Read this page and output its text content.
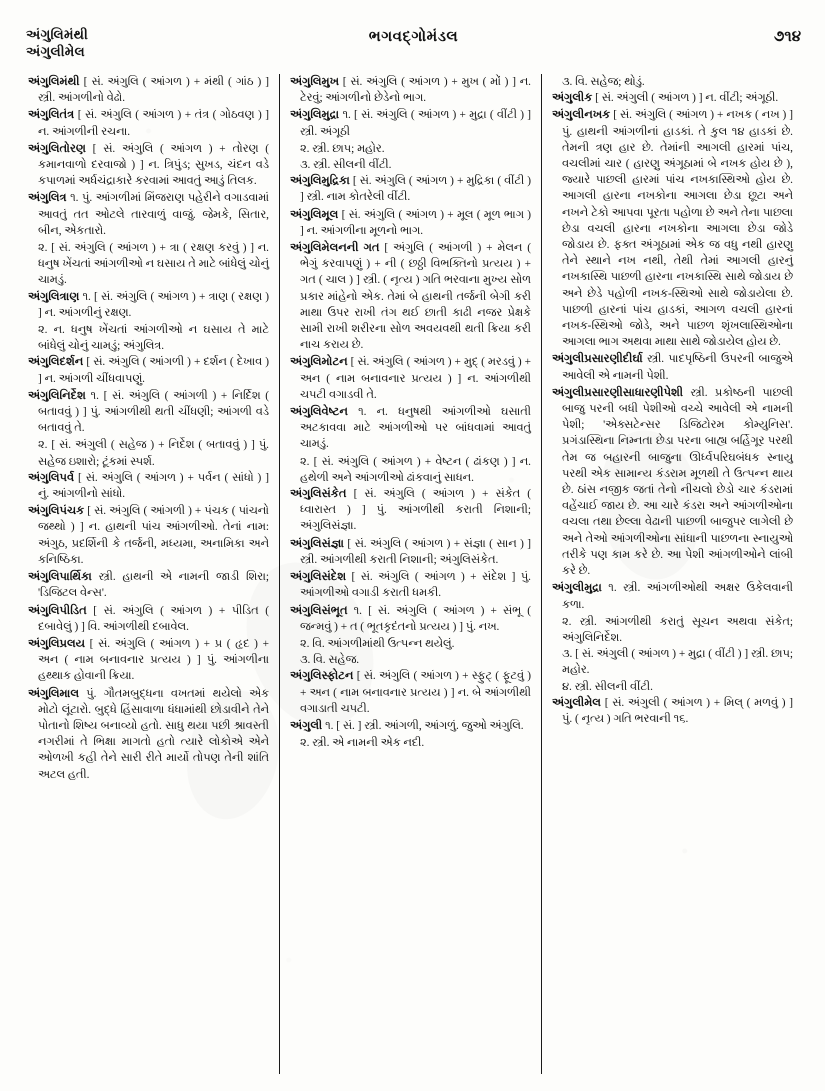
અંગુલિમંથી
અંગુલીમેલ
ભગવદ્ગોમંડલ	૭૧૪

અંગુલિમંથી [ સં. અંગુલિ ( આંગળ ) + મંથી ( ગાંઠ ) ] સ્ત્રી. આંગળીનો વેઢો.

અંગુલિતંત્ર [ સં. અંગુલિ ( આંગળ ) + તંત્ર ( ગોઠવણ ) ] ન. આંગળીની રચના.

અંગુલિતોરણ [ સં. અંગુલિ ( આંગળ ) + તોરણ ( કમાનવાળો દરવાજો ) ] ન. ત્રિપુંડ; સુખડ, ચંદન વડે કપાળમાં અર્ધચંદ્રાકારે કરવામાં આવતું આડું તિલક.

અંગુલિત્ર ૧. પું. આંગળીમાં મિંજરાણ પહેરીને વગાડવામાં આવતું તત ઓટલે તારવાળું વાજું. જેમકે, સિતાર, બીન, એકતારો.

૨. [ સં. અંગુલિ ( આંગળ ) + ત્રા ( રક્ષણ કરવું ) ] ન. ધનુષ ખેંચતાં આંગળીઓ ન ઘસાય તે માટે બાંધેલું ચોનું ચામડું.

અંગુલિત્રાણ ૧. [ સં. અંગુલિ ( આંગળ ) + ત્રાણ ( રક્ષણ ) ] ન. આંગળીનું રક્ષણ.

૨. ન. ધનુષ ખેંચતાં આંગળીઓ ન ઘસાય તે માટે બાંધેલું ચોનું ચામડું; અંગુલિત્ર.

અંગુલિદર્શન [ સં. અંગુલિ ( આંગળી ) + દર્શન ( દેખાવ ) ] ન. આંગળી ચીંધવાપણું.

અંગુલિનિર્દેશ ૧. [ સં. અંગુલિ ( આંગળી ) + નિર્દિશ ( બતાવવું ) ] પું. આંગળીથી થતી ચીંધણી; આંગળી વડે બતાવવું તે.

૨. [ સં. અંગુલી ( સહેજ ) + નિર્દેશ ( બતાવવું ) ] પું. સહેજ ઇશારો; ટૂંકમાં સ્પર્શ.

અંગુલિપર્વ [ સં. અંગુલિ ( આંગળ ) + પર્વન ( સાંધો ) ] નું. આંગળીનો સાંધો.

અંગુલિપંચક [ સં. અંગુલિ ( આંગળી ) + પંચક ( પાંચનો જથ્થો ) ] ન. હાથની પાંચ આંગળીઓ. તેનાં નામ: અંગુઠ, પ્રદર્શિની કે તર્જની, મધ્યમા, અનામિકા અને કનિષ્ઠિકા.

અંગુલિપાર્થિકા સ્ત્રી. હાથની એ નામની જાડી શિરા; 'ડિજિટલ વેન્સ'.

અંગુલિપીડિત [ સં. અંગુલિ ( આંગળ ) + પીડિત ( દબાવેલું ) ] વિ. આંગળીથી દબાવેલ.

અંગુલિપ્રલય [ સં. અંગુલિ ( આંગળ ) + પ્ર ( હૃદ ) + અન ( નામ બનાવનાર પ્રત્યય ) ] પું. આંગળીના હથ્થાક હોવાની ક્રિયા.

અંગુલિમાલ પું. ગૌતમબુદ્ધના વખતમાં થયેલો એક મોટો લૂંટારો. બુદ્ધે હિંસાવાળા ધંધામાંથી છોડાવીને તેને પોતાનો શિષ્ય બનાવ્યો હતો. સાધુ થયા પછી શ્રાવસ્તી નગરીમાં તે ભિક્ષા માગતો હતો ત્યારે લોકોએ એને ઓળખી કહી તેને સારી રીતે માર્યો તોપણ તેની શાંતિ અટલ હતી.

અંગુલિમુખ [ સં. અંગુલિ ( આંગળ ) + મુખ ( મોં ) ] ન. ટેરવું; આંગળીનો છેડેનો ભાગ.

અંગુલિમુદ્રા ૧. [ સં. અંગુલિ ( આંગળ ) + મુદ્રા ( વીંટી ) ] સ્ત્રી. અંગૂઠી

૨. સ્ત્રી. છાપ; મહોર.

૩. સ્ત્રી. સીલની વીંટી.

અંગુલિમુદ્રિકા [ સં. અંગુલિ ( આંગળ ) + મુદ્રિકા ( વીંટી ) ] સ્ત્રી. નામ કોતરેલી વીંટી.

અંગુલિમૂલ [ સં. અંગુલિ ( આંગળ ) + મૂલ ( મૂળ ભાગ ) ] ન. આંગળીના મૂળનો ભાગ.

અંગુલિમેલનની ગત [ અંગુલિ ( આંગળી ) + મેલન ( ભેગું કરવાપણું ) + ની ( છઠ્ઠી વિભક્તિનો પ્રત્યય ) + ગત ( ચાલ ) ] સ્ત્રી. ( નૃત્ય ) ગતિ ભરવાના મુખ્ય સોળ પ્રકાર માંહેનો એક. તેમાં બે હાથની તર્જની બેગી કરી માથા ઉપર રાખી તંગ થઈ છાતી કાઢી નજર પ્રેક્ષકે સામી રાખી શરીરના સોળ અવયવથી થતી ક્રિયા કરી નાચ કરાય છે.

અંગુલિમોટન [ સં. અંગુલિ ( આંગળ ) + મુદ્ ( મરડવું ) + અન ( નામ બનાવનાર પ્રત્યય ) ] ન. આંગળીથી ચપટી વગાડવી તે.

અંગુલિવેષ્ટન ૧. ન. ધનુષથી આંગળીઓ ઘસાતી અટકાવવા માટે આંગળીઓ પર બાંધવામાં આવતું ચામડું.

૨. [ સં. અંગુલિ ( આંગળ ) + વેષ્ટન ( ઢાંકણ ) ] ન. હથેળી અને આંગળીઓ ઢાંકવાનું સાધન.

અંગુલિસંકેત [ સં. અંગુલિ ( આંગળ ) + સંકેત ( ધ્વારાસ્ત ) ] પું. આંગળીથી કરાતી નિશાની; અંગુલિસંજ્ઞા.

અંગુલિસંજ્ઞા [ સં. અંગુલિ ( આંગળ ) + સંજ્ઞા ( સાન ) ] સ્ત્રી. આંગળીથી કરાતી નિશાની; અંગુલિસંકેત.

અંગુલિસંદેશ [ સં. અંગુલિ ( આંગળ ) + સંદેશ ] પું. આંગળીઓ વગાડી કરાતી ધમકી.

અંગુલિસંભૂત ૧. [ સં. અંગુલિ ( આંગળ ) + સંભૂ ( જન્મવું ) + ત ( ભૂતકૃદંતનો પ્રત્યય ) ] પું. નખ.

૨. વિ. આંગળીમાંથી ઉત્પન્ન થયેલું.

૩. વિ. સહેજ.

અંગુલિસ્ફોટન [ સં. અંગુલિ ( આંગળ ) + સ્ફુટ્ ( ફૂટવું ) + અન ( નામ બનાવનાર પ્રત્યય ) ] ન. બે આંગળીથી વગાડાતી ચપટી.

અંગુલી ૧. [ સં. ] સ્ત્રી. આંગળી, આંગળું. જુઓ અંગુલિ.

૨. સ્ત્રી. એ નામની એક નદી.

૩. વિ. સહેજ; થોડું.

અંગુલીક [ સં. અંગુલી ( આંગળ ) ] ન. વીંટી; અંગૂઠી.

અંગુલીનખક [ સં. અંગુલિ ( આંગળ ) + નખક ( નખ ) ] પું. હાથની આંગળીનાં હાડકાં. તે કુલ ૧૪ હાડકાં છે. તેમની ત્રણ હાર છે. તેમાંની આગલી હારમાં પાંચ, વચલીમાં ચાર ( હારણુ અંગૂઠામાં બે નખક હોય છે ), જ્યારે પાછલી હારમાં પાંચ નખકાસ્થિઓ હોય છે. આગલી હારના નખકોના આગલા છેડા છૂટા અને નખને ટેકો આપવા પૂરતા પહોળા છે અને તેના પાછલા છેડા વચલી હારના નખકોના આગલા છેડા જોડે જોડાય છે. ફક્ત અંગૂઠામાં એક જ વધુ નથી હારણુ તેને સ્થાને નખ નથી, તેથી તેમાં આગલી હારનું નખકાસ્થિ પાછળી હારના નખકાસ્થિ સાથે જોડાય છે અને છેડે પહોળી નખક-સ્થિઓ સાથે જોડાયેલા છે. પાછળી હારનાં પાંચ હાડકાં, આગળ વચલી હારનાં નખક-સ્થિઓ જોડે, અને પાછળ શૃંખલાસ્થિઓના આગલા ભાગ અથવા માથા સાથે જોડાયેલ હોય છે.

અંગુલીપ્રસારણીદીર્ઘા સ્ત્રી. પાદપૃષ્ઠિની ઉપરની બાજુએ આવેલી એ નામની પેશી.

અંગુલીપ્રસારણીસાધારણીપેશી સ્ત્રી. પ્રકોષ્ઠની પાછલી બાજુ પરની બધી પેશીઓ વચ્ચે આવેલી એ નામની પેશી; 'એક્સટેન્સર ડિજિટોરમ કોમ્યુનિસ'. પ્રગંડાસ્થિના નિમ્નતા છેડા પરના બાહ્ય બર્હિગૂર પરથી તેમ જ બહારની બાજુના ઊર્ધ્વપરિઘબંધક સ્નાયુ પરથી એક સામાન્ય કંડરામ મૂળથી તે ઉત્પન્ન થાય છે. ઠાંસ નજીક જતાં તેનો નીચલો છેડો ચાર કંડરામાં વહેંચાઈ જાય છે. આ ચારે કંડરા અને આંગળીઓના વચલા તથા છેલ્લા વેઢાની પાછળી બાજુપર લાગેલી છે અને તેઓ આંગળીઓના સાંધાની પાછળના સ્નાયુઓ તરીકે પણ કામ કરે છે. આ પેશી આંગળીઓને લાંબી કરે છે.

અંગુલીમુદ્રા ૧. સ્ત્રી. આંગળીઓથી અક્ષર ઉકેલવાની કળા.

૨. સ્ત્રી. આંગળીથી કરાતું સૂચન અથવા સંકેત; અંગુલિનિર્દેશ.

૩. [ સં. અંગુલી ( આંગળ ) + મુદ્રા ( વીંટી ) ] સ્ત્રી. છાપ; મહોર.

૪. સ્ત્રી. સીલની વીંટી.

અંગુલીમેલ [ સં. અંગુલી ( આંગળ ) + મિલ્ ( મળવું ) ] પું. ( નૃત્ય ) ગતિ ભરવાની ૧૬.
